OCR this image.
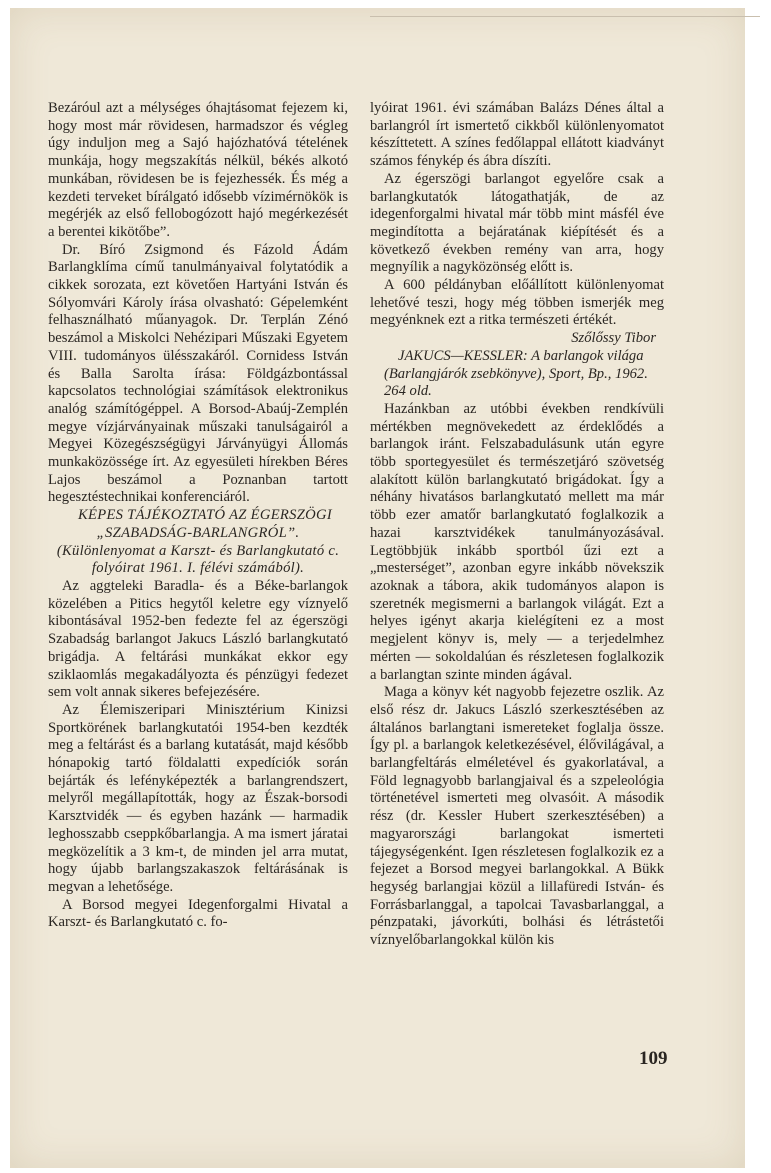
Bezáróul azt a mélységes óhajtásomat fejezem ki, hogy most már rövidesen, harmadszor és végleg úgy induljon meg a Sajó hajózhatóvá tételének munkája, hogy megszakítás nélkül, békés alkotó munkában, rövidesen be is fejezhessék. És még a kezdeti terveket bírálgató idősebb vízimérnökök is megérjék az első fellobogózott hajó megérkezését a berentei kikötőbe”.

Dr. Bíró Zsigmond és Fázold Ádám Barlangklíma című tanulmányaival folytatódik a cikkek sorozata, ezt követően Hartyáni István és Sólyomvári Károly írása olvasható: Gépelemként felhasználható műanyagok. Dr. Terplán Zénó beszámol a Miskolci Nehézipari Műszaki Egyetem VIII. tudományos ülésszakáról. Cornidess István és Balla Sarolta írása: Földgázbontással kapcsolatos technológiai számítások elektronikus analóg számítógéppel. A Borsod-Abaúj-Zemplén megye vízjárványainak műszaki tanulságairól a Megyei Közegészségügyi Járványügyi Állomás munkaközössége írt. Az egyesületi hírekben Béres Lajos beszámol a Poznanban tartott hegesztéstechnikai konferenciáról.

KÉPES TÁJÉKOZTATÓ AZ ÉGERSZÖGI „SZABADSÁG-BARLANGRÓL”. (Különlenyomat a Karszt- és Barlangkutató c. folyóirat 1961. I. félévi számából).

Az aggteleki Baradla- és a Béke-barlangok közelében a Pitics hegytől keletre egy víznyelő kibontásával 1952-ben fedezte fel az égerszögi Szabadság barlangot Jakucs László barlangkutató brigádja. A feltárási munkákat ekkor egy sziklaomlás megakadályozta és pénzügyi fedezet sem volt annak sikeres befejezésére.

Az Élemiszeripari Minisztérium Kinizsi Sportkörének barlangkutatói 1954-ben kezdték meg a feltárást és a barlang kutatását, majd később hónapokig tartó földalatti expedíciók során bejárták és lefényképezték a barlangrendszert, melyről megállapították, hogy az Észak-borsodi Karsztvidék — és egyben hazánk — harmadik leghosszabb cseppkőbarlangja. A ma ismert járatai megközelítik a 3 km-t, de minden jel arra mutat, hogy újabb barlangszakaszok feltárásának is megvan a lehetősége.

A Borsod megyei Idegenforgalmi Hivatal a Karszt- és Barlangkutató c. fo-

lyóirat 1961. évi számában Balázs Dénes által a barlangról írt ismertető cikkből különlenyomatot készíttetett. A színes fedőlappal ellátott kiadványt számos fénykép és ábra díszíti.

Az égerszögi barlangot egyelőre csak a barlangkutatók látogathatják, de az idegenforgalmi hivatal már több mint másfél éve megindította a bejáratának kiépítését és a következő években remény van arra, hogy megnyílik a nagyközönség előtt is.

A 600 példányban előállított különlenyomat lehetővé teszi, hogy még többen ismerjék meg megyénknek ezt a ritka természeti értékét.

Szőlőssy Tibor

JAKUCS—KESSLER: A barlangok világa (Barlangjárók zsebkönyve), Sport, Bp., 1962. 264 old.

Hazánkban az utóbbi években rendkívüli mértékben megnövekedett az érdeklődés a barlangok iránt. Felszabadulásunk után egyre több sportegyesület és természetjáró szövetség alakított külön barlangkutató brigádokat. Így a néhány hivatásos barlangkutató mellett ma már több ezer amatőr barlangkutató foglalkozik a hazai karsztvidékek tanulmányozásával. Legtöbbjük inkább sportból űzi ezt a „mesterséget”, azonban egyre inkább növekszik azoknak a tábora, akik tudományos alapon is szeretnék megismerni a barlangok világát. Ezt a helyes igényt akarja kielégíteni ez a most megjelent könyv is, mely — a terjedelmhez mérten — sokoldalúan és részletesen foglalkozik a barlangtan szinte minden ágával.

Maga a könyv két nagyobb fejezetre oszlik. Az első rész dr. Jakucs László szerkesztésében az általános barlangtani ismereteket foglalja össze. Így pl. a barlangok keletkezésével, élővilágával, a barlangfeltárás elméletével és gyakorlatával, a Föld legnagyobb barlangjaival és a szpeleológia történetével ismerteti meg olvasóit. A második rész (dr. Kessler Hubert szerkesztésében) a magyarországi barlangokat ismerteti tájegységenként. Igen részletesen foglalkozik ez a fejezet a Borsod megyei barlangokkal. A Bükk hegység barlangjai közül a lillafüredi István- és Forrásbarlanggal, a tapolcai Tavasbarlanggal, a pénzpataki, jávorkúti, bolhási és létrástetői víznyelőbarlangokkal külön kis

109
